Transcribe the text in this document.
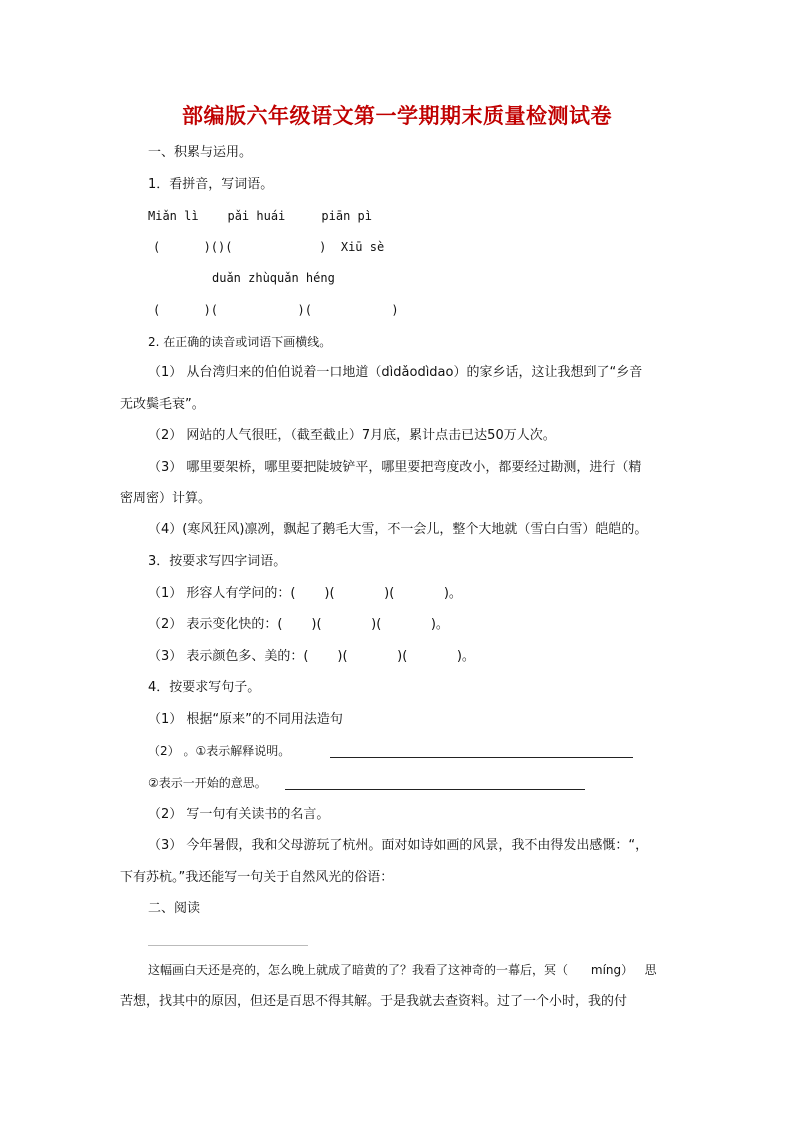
部编版六年级语文第一学期期末质量检测试卷
一、积累与运用。
1．看拼音，写词语。
Miǎn lì    pǎi huái     piān pì
(      )()(            )  Xiū sè
duǎn zhùquǎn héng
(      )(           )(           )
2. 在正确的读音或词语下画横线。
（1） 从台湾归来的伯伯说着一口地道（dìdǎodìdao）的家乡话，这让我想到了“乡音
无改鬓毛衰”。
（2） 网站的人气很旺，（截至截止）7月底，累计点击已达50万人次。
（3） 哪里要架桥，哪里要把陡坡铲平，哪里要把弯度改小，都要经过勘测，进行（精
密周密）计算。
（4）(寒风狂风)凛冽，飘起了鹅毛大雪，不一会儿，整个大地就（雪白白雪）皑皑的。
3．按要求写四字词语。
（1） 形容人有学问的：(       )(            )(            )。
（2） 表示变化快的：(       )(            )(            )。
（3） 表示颜色多、美的：(       )(            )(            )。
4．按要求写句子。
（1） 根据“原来”的不同用法造句
（2） 。①表示解释说明。
②表示一开始的意思。
（2） 写一句有关读书的名言。
（3） 今年暑假，我和父母游玩了杭州。面对如诗如画的风景，我不由得发出感慨：“，
下有苏杭。”我还能写一句关于自然风光的俗语：
二、阅读
这幅画白天还是亮的，怎么晚上就成了暗黄的了？我看了这神奇的一幕后，冥（      míng）   思
苦想，找其中的原因，但还是百思不得其解。于是我就去查资料。过了一个小时，我的付
